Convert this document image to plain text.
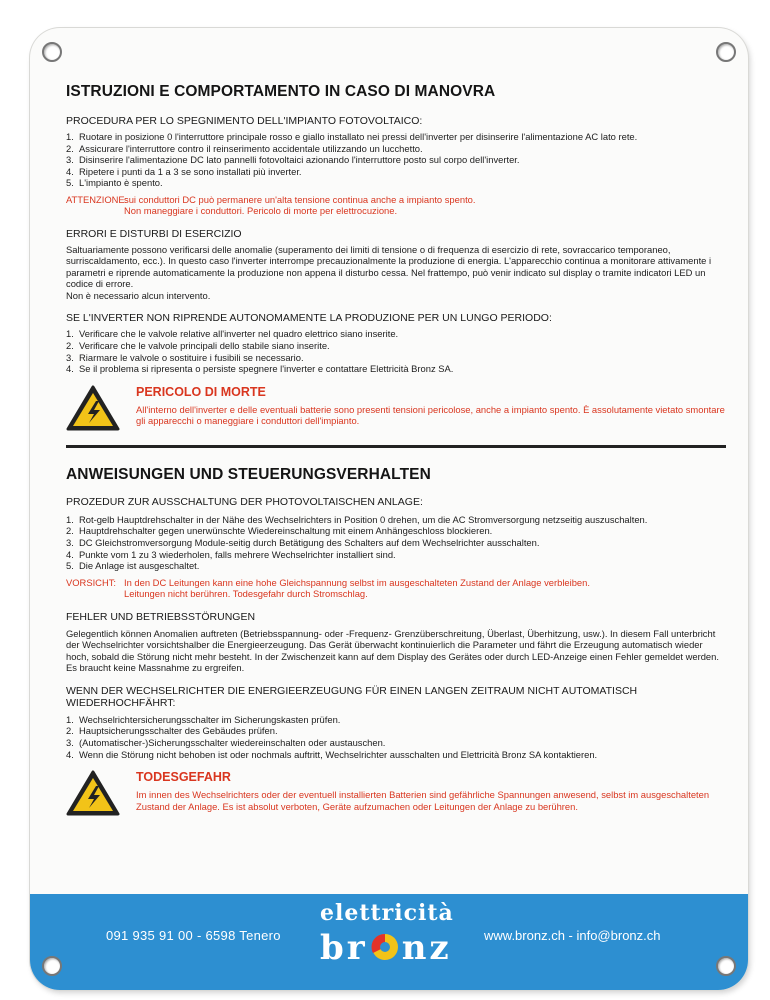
ISTRUZIONI E COMPORTAMENTO IN CASO DI MANOVRA
PROCEDURA PER LO SPEGNIMENTO DELL'IMPIANTO FOTOVOLTAICO:
1. Ruotare in posizione 0 l'interruttore principale rosso e giallo installato nei pressi dell'inverter per disinserire l'alimentazione AC lato rete.
2. Assicurare l'interruttore contro il reinserimento accidentale utilizzando un lucchetto.
3. Disinserire l'alimentazione DC lato pannelli fotovoltaici azionando l'interruttore posto sul corpo dell'inverter.
4. Ripetere i punti da 1 a 3 se sono installati più inverter.
5. L'impianto è spento.
ATTENZIONE:
sui conduttori DC può permanere un'alta tensione continua anche a impianto spento.
Non maneggiare i conduttori. Pericolo di morte per elettrocuzione.
ERRORI E DISTURBI DI ESERCIZIO

Saltuariamente possono verificarsi delle anomalie (superamento dei limiti di tensione o di frequenza di esercizio di rete, sovraccarico temporaneo, surriscaldamento, ecc.). In questo caso l'inverter interrompe precauzionalmente la produzione di energia. L'apparecchio continua a monitorare attivamente i parametri e riprende automaticamente la produzione non appena il disturbo cessa. Nel frattempo, può venir indicato sul display o tramite indicatori LED un codice di errore.

Non è necessario alcun intervento.

SE L'INVERTER NON RIPRENDE AUTONOMAMENTE LA PRODUZIONE PER UN LUNGO PERIODO:
1. Verificare che le valvole relative all'inverter nel quadro elettrico siano inserite.
2. Verificare che le valvole principali dello stabile siano inserite.
3. Riarmare le valvole o sostituire i fusibili se necessario.
4. Se il problema si ripresenta o persiste spegnere l'inverter e contattare Elettricità Bronz SA.
PERICOLO DI MORTE
All'interno dell'inverter e delle eventuali batterie sono presenti tensioni pericolose, anche a impianto spento. È assolutamente vietato smontare gli apparecchi o maneggiare i conduttori dell'impianto.
ANWEISUNGEN UND STEUERUNGSVERHALTEN
PROZEDUR ZUR AUSSCHALTUNG DER PHOTOVOLTAISCHEN ANLAGE:
1. Rot-gelb Hauptdrehschalter in der Nähe des Wechselrichters in Position 0 drehen, um die AC Stromversorgung netzseitig auszuschalten.
2. Hauptdrehschalter gegen unerwünschte Wiedereinschaltung mit einem Anhängeschloss blockieren.
3. DC Gleichstromversorgung Module-seitig durch Betätigung des Schalters auf dem Wechselrichter ausschalten.
4. Punkte vom 1 zu 3 wiederholen, falls mehrere Wechselrichter installiert sind.
5. Die Anlage ist ausgeschaltet.
VORSICHT: In den DC Leitungen kann eine hohe Gleichspannung selbst im ausgeschalteten Zustand der Anlage verbleiben.
Leitungen nicht berühren. Todesgefahr durch Stromschlag.
FEHLER UND BETRIEBSSTÖRUNGEN

Gelegentlich können Anomalien auftreten (Betriebsspannung- oder -Frequenz- Grenzüberschreitung, Überlast, Überhitzung, usw.). In diesem Fall unterbricht der Wechselrichter vorsichtshalber die Energieerzeugung. Das Gerät überwacht kontinuierlich die Parameter und fährt die Erzeugung automatisch wieder hoch, sobald die Störung nicht mehr besteht. In der Zwischenzeit kann auf dem Display des Gerätes oder durch LED-Anzeige einen Fehler gemeldet werden.

Es braucht keine Massnahme zu ergreifen.

WENN DER WECHSELRICHTER DIE ENERGIEERZEUGUNG FÜR EINEN LANGEN ZEITRAUM NICHT AUTOMATISCH WIEDERHOCHFÄHRT:
1. Wechselrichtersicherungsschalter im Sicherungskasten prüfen.
2. Hauptsicherungsschalter des Gebäudes prüfen.
3. (Automatischer-)Sicherungsschalter wiedereinschalten oder austauschen.
4. Wenn die Störung nicht behoben ist oder nochmals auftritt, Wechselrichter ausschalten und Elettricità Bronz SA kontaktieren.
TODESGEFAHR
Im innen des Wechselrichters oder der eventuell installierten Batterien sind gefährliche Spannungen anwesend, selbst im ausgeschalteten Zustand der Anlage. Es ist absolut verboten, Geräte aufzumachen oder Leitungen der Anlage zu berühren.
091 935 91 00 - 6598 Tenero
elettricità
br nz www.bronz.ch - info@bronz.ch
